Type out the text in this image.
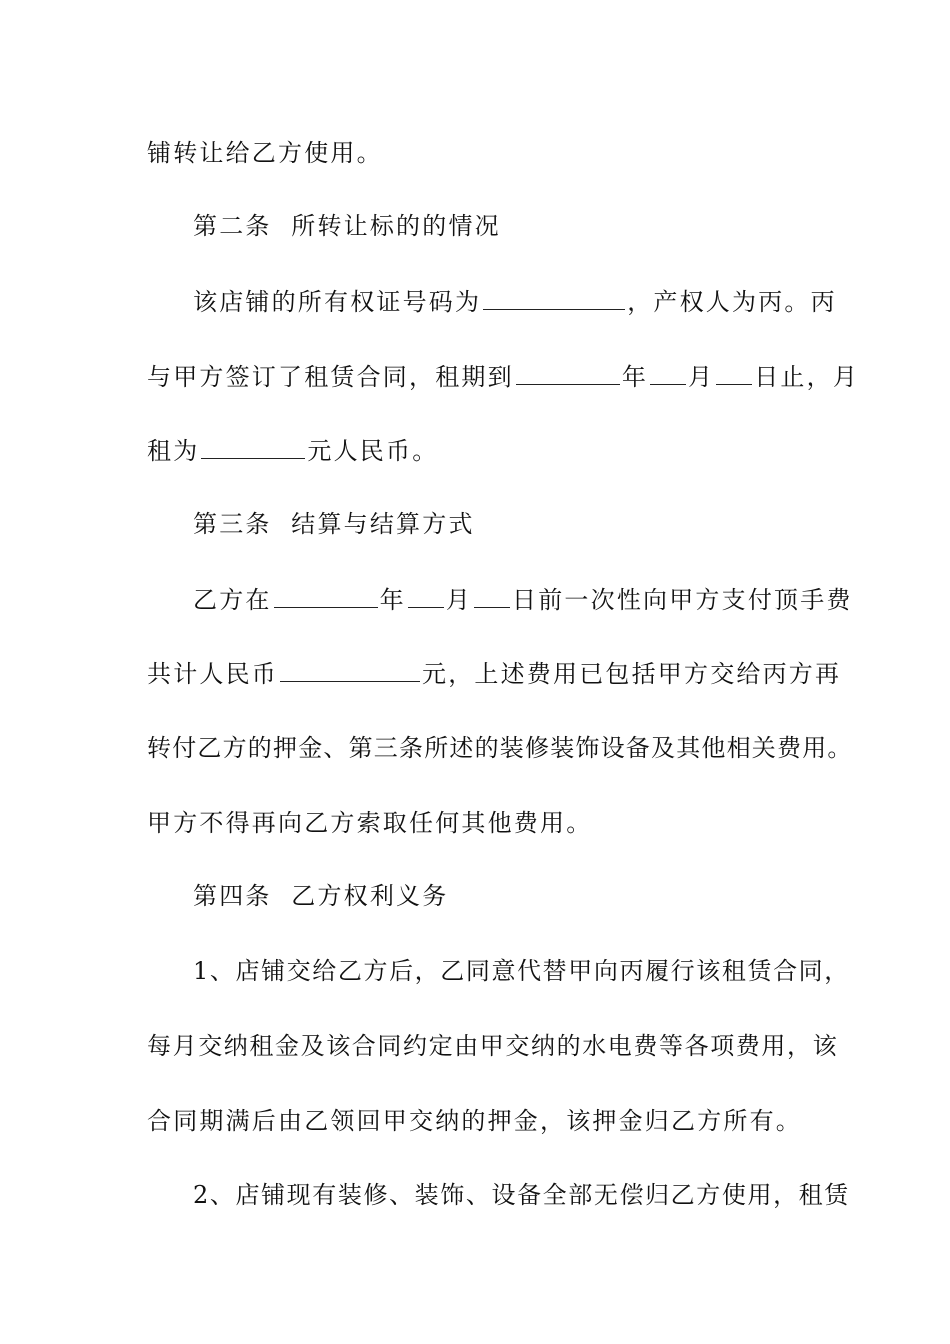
铺转让给乙方使用。
第二条  所转让标的的情况
该店铺的所有权证号码为	，产权人为丙。丙
与甲方签订了租赁合同，租期到	年 月 日止，月
租为	元人民币。
第三条  结算与结算方式
乙方在	年 月 日前一次性向甲方支付顶手费
共计人民币	元，上述费用已包括甲方交给丙方再
转付乙方的押金、第三条所述的装修装饰设备及其他相关费用。
甲方不得再向乙方索取任何其他费用。
第四条  乙方权利义务
1、店铺交给乙方后，乙同意代替甲向丙履行该租赁合同，
每月交纳租金及该合同约定由甲交纳的水电费等各项费用，该
合同期满后由乙领回甲交纳的押金，该押金归乙方所有。
2、店铺现有装修、装饰、设备全部无偿归乙方使用，租赁
